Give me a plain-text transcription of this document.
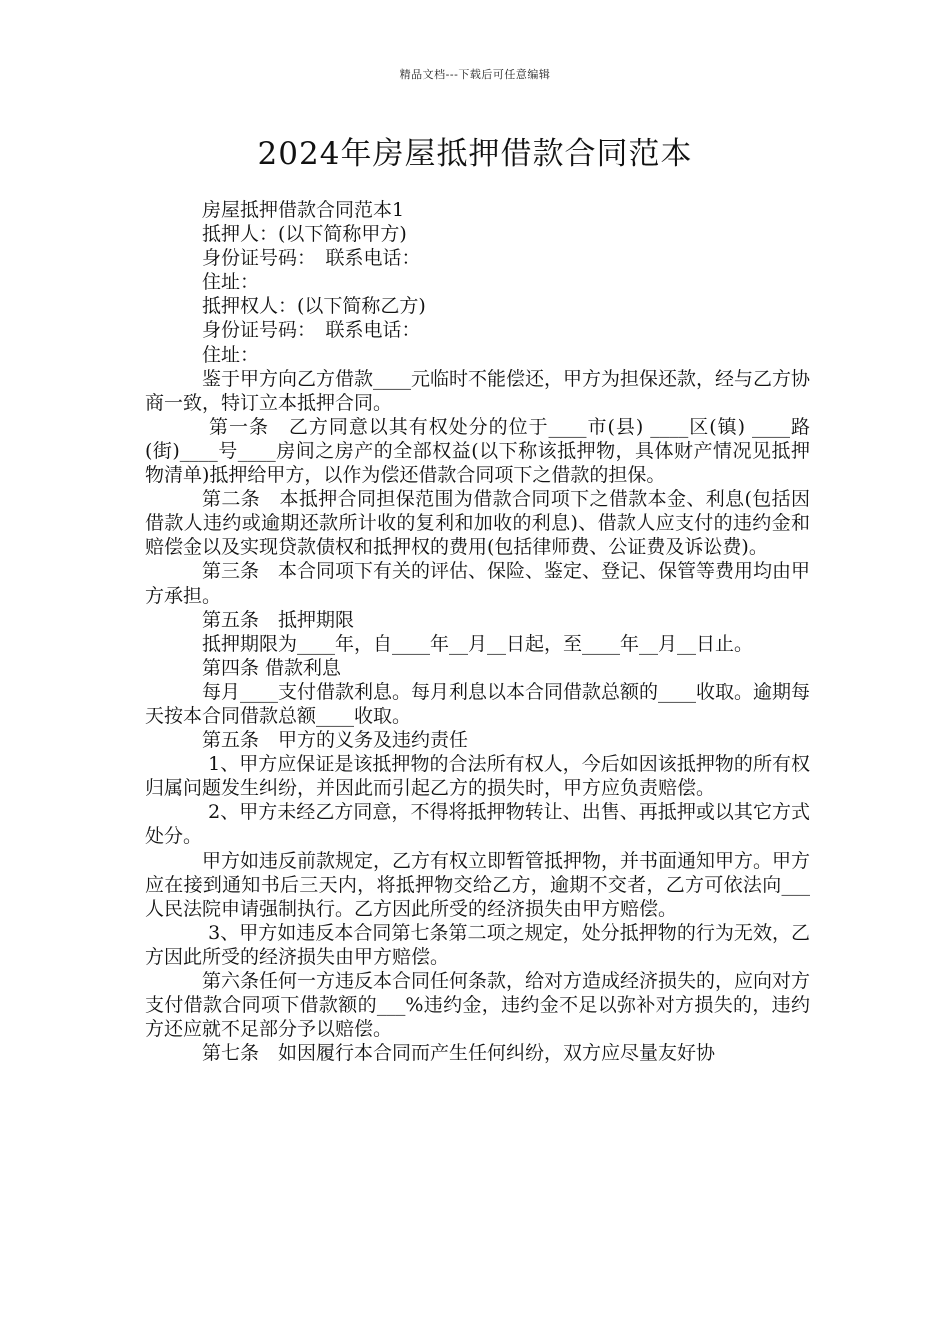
精品文档---下载后可任意编辑
2024年房屋抵押借款合同范本

房屋抵押借款合同范本1

抵押人：(以下简称甲方)

身份证号码：　联系电话：

住址：

抵押权人：(以下简称乙方)

身份证号码：　联系电话：

住址：

鉴于甲方向乙方借款____元临时不能偿还，甲方为担保还款，经与乙方协商一致，特订立本抵押合同。

第一条　乙方同意以其有权处分的位于____市(县) ____区(镇) ____路(街)____号____房间之房产的全部权益(以下称该抵押物，具体财产情况见抵押物清单)抵押给甲方，以作为偿还借款合同项下之借款的担保。

第二条　本抵押合同担保范围为借款合同项下之借款本金、利息(包括因借款人违约或逾期还款所计收的复利和加收的利息)、借款人应支付的违约金和赔偿金以及实现贷款债权和抵押权的费用(包括律师费、公证费及诉讼费)。

第三条　本合同项下有关的评估、保险、鉴定、登记、保管等费用均由甲方承担。

第五条　抵押期限

抵押期限为____年，自____年__月__日起，至____年__月__日止。

第四条 借款利息

每月____支付借款利息。每月利息以本合同借款总额的____收取。逾期每天按本合同借款总额____收取。

第五条　甲方的义务及违约责任

1、甲方应保证是该抵押物的合法所有权人，今后如因该抵押物的所有权归属问题发生纠纷，并因此而引起乙方的损失时，甲方应负责赔偿。

2、甲方未经乙方同意，不得将抵押物转让、出售、再抵押或以其它方式处分。

甲方如违反前款规定，乙方有权立即暂管抵押物，并书面通知甲方。甲方应在接到通知书后三天内，将抵押物交给乙方，逾期不交者，乙方可依法向___人民法院申请强制执行。乙方因此所受的经济损失由甲方赔偿。

3、甲方如违反本合同第七条第二项之规定，处分抵押物的行为无效，乙方因此所受的经济损失由甲方赔偿。

第六条任何一方违反本合同任何条款，给对方造成经济损失的，应向对方支付借款合同项下借款额的___%违约金，违约金不足以弥补对方损失的，违约方还应就不足部分予以赔偿。

第七条　如因履行本合同而产生任何纠纷，双方应尽量友好协
